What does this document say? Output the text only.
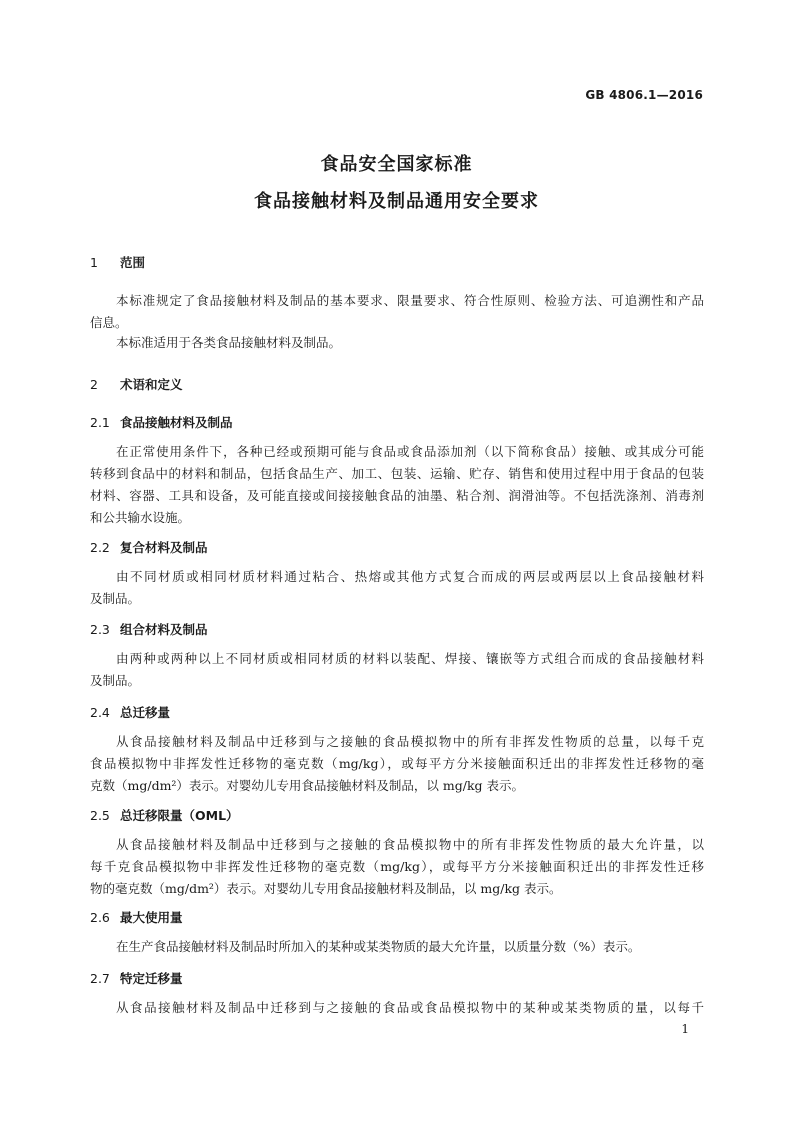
GB 4806.1—2016
食品安全国家标准
食品接触材料及制品通用安全要求
1 范围
本标准规定了食品接触材料及制品的基本要求、限量要求、符合性原则、检验方法、可追溯性和产品
信息。
本标准适用于各类食品接触材料及制品。
2 术语和定义
2.1 食品接触材料及制品
在正常使用条件下，各种已经或预期可能与食品或食品添加剂（以下简称食品）接触、或其成分可能
转移到食品中的材料和制品，包括食品生产、加工、包装、运输、贮存、销售和使用过程中用于食品的包装
材料、容器、工具和设备，及可能直接或间接接触食品的油墨、粘合剂、润滑油等。不包括洗涤剂、消毒剂
和公共输水设施。
2.2 复合材料及制品
由不同材质或相同材质材料通过粘合、热熔或其他方式复合而成的两层或两层以上食品接触材料
及制品。
2.3 组合材料及制品
由两种或两种以上不同材质或相同材质的材料以装配、焊接、镶嵌等方式组合而成的食品接触材料
及制品。
2.4 总迁移量
从食品接触材料及制品中迁移到与之接触的食品模拟物中的所有非挥发性物质的总量，以每千克
食品模拟物中非挥发性迁移物的毫克数（mg/kg），或每平方分米接触面积迁出的非挥发性迁移物的毫
克数（mg/dm²）表示。对婴幼儿专用食品接触材料及制品，以 mg/kg 表示。
2.5 总迁移限量（OML）
从食品接触材料及制品中迁移到与之接触的食品模拟物中的所有非挥发性物质的最大允许量，以
每千克食品模拟物中非挥发性迁移物的毫克数（mg/kg），或每平方分米接触面积迁出的非挥发性迁移
物的毫克数（mg/dm²）表示。对婴幼儿专用食品接触材料及制品，以 mg/kg 表示。
2.6 最大使用量
在生产食品接触材料及制品时所加入的某种或某类物质的最大允许量，以质量分数（%）表示。
2.7 特定迁移量
从食品接触材料及制品中迁移到与之接触的食品或食品模拟物中的某种或某类物质的量，以每千
1
